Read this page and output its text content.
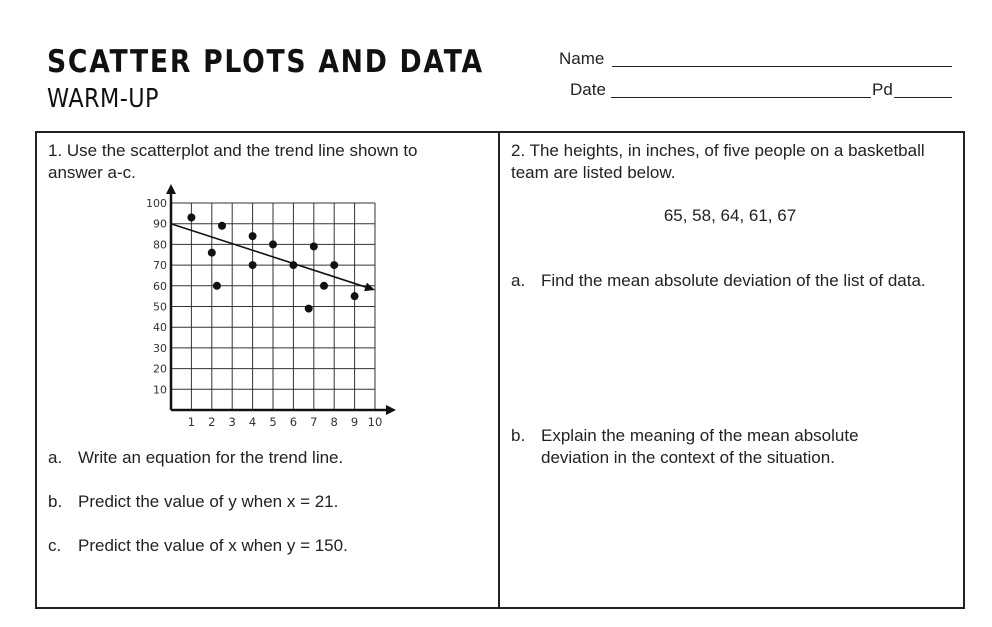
SCATTER PLOTS AND DATA
WARM-UP
Name
Date	Pd
1. Use the scatterplot and the trend line shown to answer a-c.
1 2 3 4 5 6 7 8 9 10
10
20
30
40
50
60
70
80
90
100
a. Write an equation for the trend line.
b. Predict the value of y when x = 21.
c. Predict the value of x when y = 150.
2. The heights, in inches, of five people on a basketball team are listed below.
65, 58, 64, 61, 67
a. Find the mean absolute deviation of the list of data.
b. Explain the meaning of the mean absolute deviation in the context of the situation.
